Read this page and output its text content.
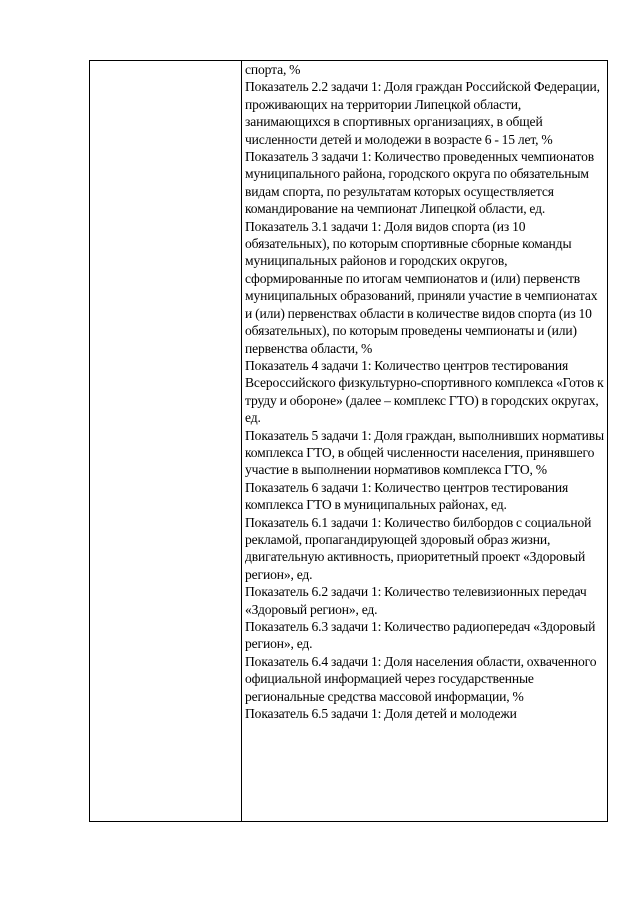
спорта, %

Показатель 2.2 задачи 1: Доля граждан Российской Федерации, проживающих на территории Липецкой области, занимающихся в спортивных организациях, в общей численности детей и молодежи в возрасте 6 - 15 лет, %

Показатель 3 задачи 1: Количество проведенных чемпионатов муниципального района, городского округа по обязательным видам спорта, по результатам которых осуществляется командирование на чемпионат Липецкой области, ед.

Показатель 3.1 задачи 1: Доля видов спорта (из 10 обязательных), по которым спортивные сборные команды муниципальных районов и городских округов, сформированные по итогам чемпионатов и (или) первенств муниципальных образований, приняли участие в чемпионатах и (или) первенствах области в количестве видов спорта (из 10 обязательных), по которым проведены чемпионаты и (или) первенства области, %

Показатель 4 задачи 1: Количество центров тестирования Всероссийского физкультурно-спортивного комплекса «Готов к труду и обороне» (далее – комплекс ГТО) в городских округах, ед.

Показатель 5 задачи 1: Доля граждан, выполнивших нормативы комплекса ГТО, в общей численности населения, принявшего участие в выполнении нормативов комплекса ГТО, %

Показатель 6 задачи 1: Количество центров тестирования комплекса ГТО в муниципальных районах, ед.

Показатель 6.1 задачи 1: Количество билбордов с социальной рекламой, пропагандирующей здоровый образ жизни, двигательную активность, приоритетный проект «Здоровый регион», ед.

Показатель 6.2 задачи 1: Количество телевизионных передач «Здоровый регион», ед.

Показатель 6.3 задачи 1: Количество радиопередач «Здоровый регион», ед.

Показатель 6.4 задачи 1: Доля населения области, охваченного официальной информацией через государственные региональные средства массовой информации, %

Показатель 6.5 задачи 1: Доля детей и молодежи
